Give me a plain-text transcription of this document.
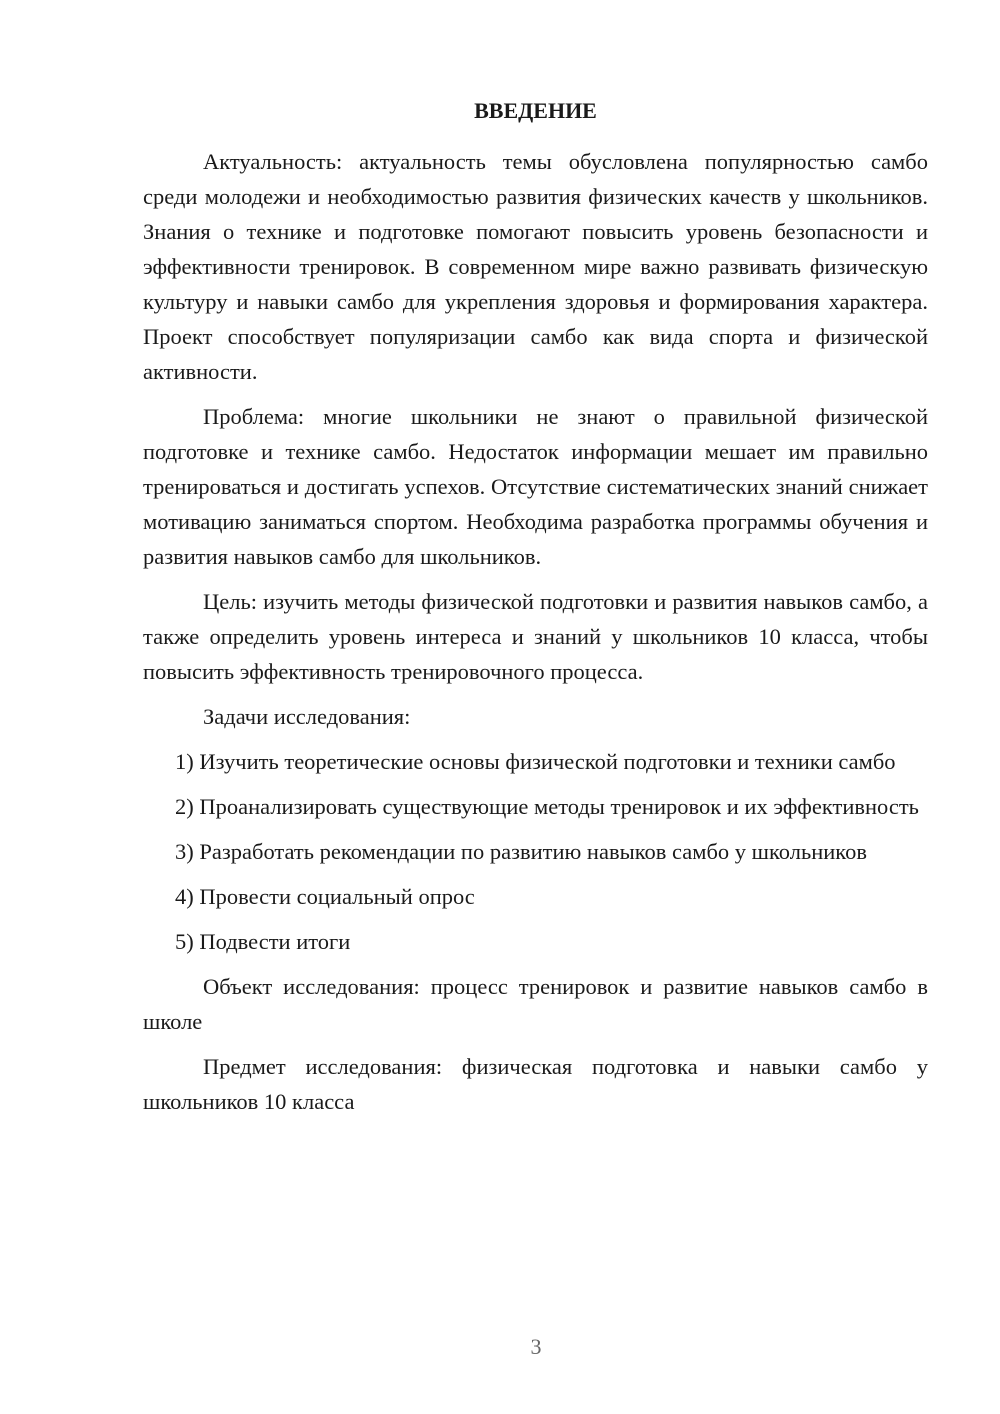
ВВЕДЕНИЕ

Актуальность: актуальность темы обусловлена популярностью самбо среди молодежи и необходимостью развития физических качеств у школьников. Знания о технике и подготовке помогают повысить уровень безопасности и эффективности тренировок. В современном мире важно развивать физическую культуру и навыки самбо для укрепления здоровья и формирования характера. Проект способствует популяризации самбо как вида спорта и физической активности.

Проблема: многие школьники не знают о правильной физической подготовке и технике самбо. Недостаток информации мешает им правильно тренироваться и достигать успехов. Отсутствие систематических знаний снижает мотивацию заниматься спортом. Необходима разработка программы обучения и развития навыков самбо для школьников.

Цель: изучить методы физической подготовки и развития навыков самбо, а также определить уровень интереса и знаний у школьников 10 класса, чтобы повысить эффективность тренировочного процесса.

Задачи исследования:

1) Изучить теоретические основы физической подготовки и техники самбо

2) Проанализировать существующие методы тренировок и их эффективность

3) Разработать рекомендации по развитию навыков самбо у школьников

4) Провести социальный опрос

5) Подвести итоги

Объект исследования: процесс тренировок и развитие навыков самбо в школе

Предмет исследования: физическая подготовка и навыки самбо у школьников 10 класса

3
